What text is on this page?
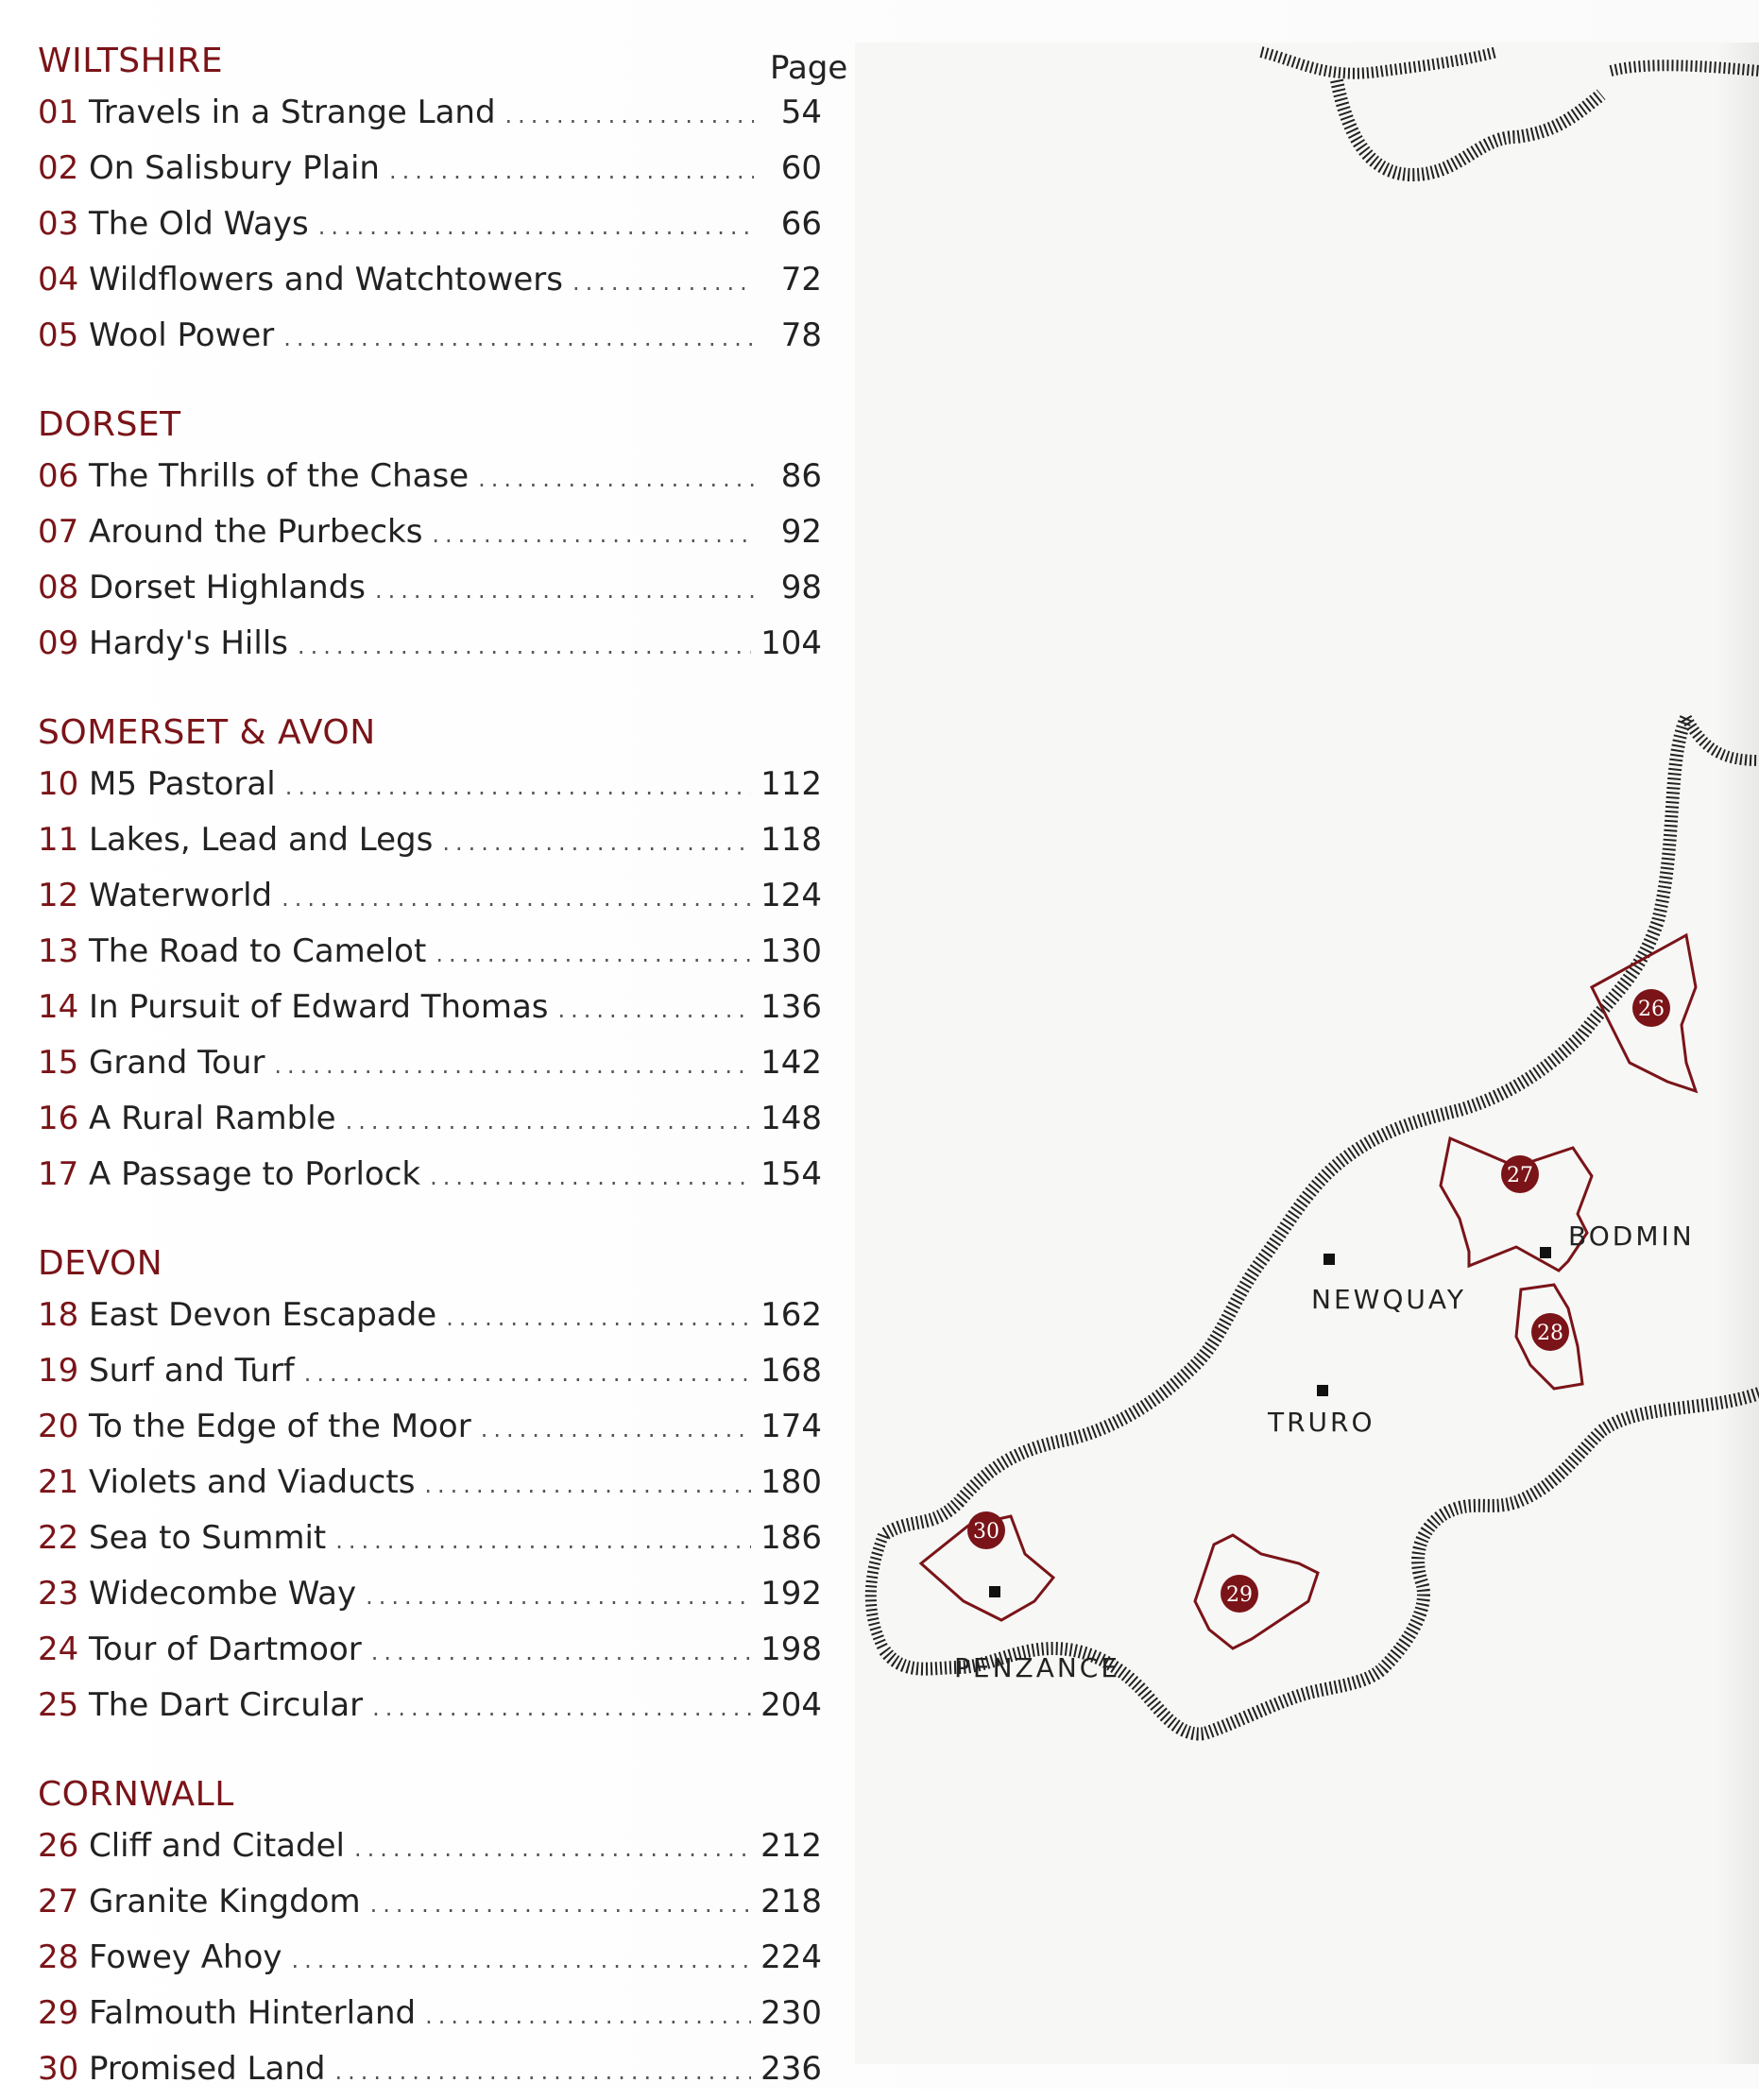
Page
WILTSHIRE
01 Travels in a Strange Land .....	54
02 On Salisbury Plain .....	60
03 The Old Ways .....	66
04 Wildflowers and Watchtowers .....	72
05 Wool Power .....	78
DORSET
06 The Thrills of the Chase .....	86
07 Around the Purbecks .....	92
08 Dorset Highlands .....	98
09 Hardy's Hills .....	104
SOMERSET & AVON
10 M5 Pastoral .....	112
11 Lakes, Lead and Legs .....	118
12 Waterworld .....	124
13 The Road to Camelot .....	130
14 In Pursuit of Edward Thomas .....	136
15 Grand Tour .....	142
16 A Rural Ramble .....	148
17 A Passage to Porlock .....	154
DEVON
18 East Devon Escapade .....	162
19 Surf and Turf .....	168
20 To the Edge of the Moor .....	174
21 Violets and Viaducts .....	180
22 Sea to Summit .....	186
23 Widecombe Way .....	192
24 Tour of Dartmoor .....	198
25 The Dart Circular .....	204
CORNWALL
26 Cliff and Citadel .....	212
27 Granite Kingdom .....	218
28 Fowey Ahoy .....	224
29 Falmouth Hinterland .....	230
30 Promised Land .....	236
26
27
28
29
30
BODMIN
NEWQUAY
TRURO
PENZANCE
